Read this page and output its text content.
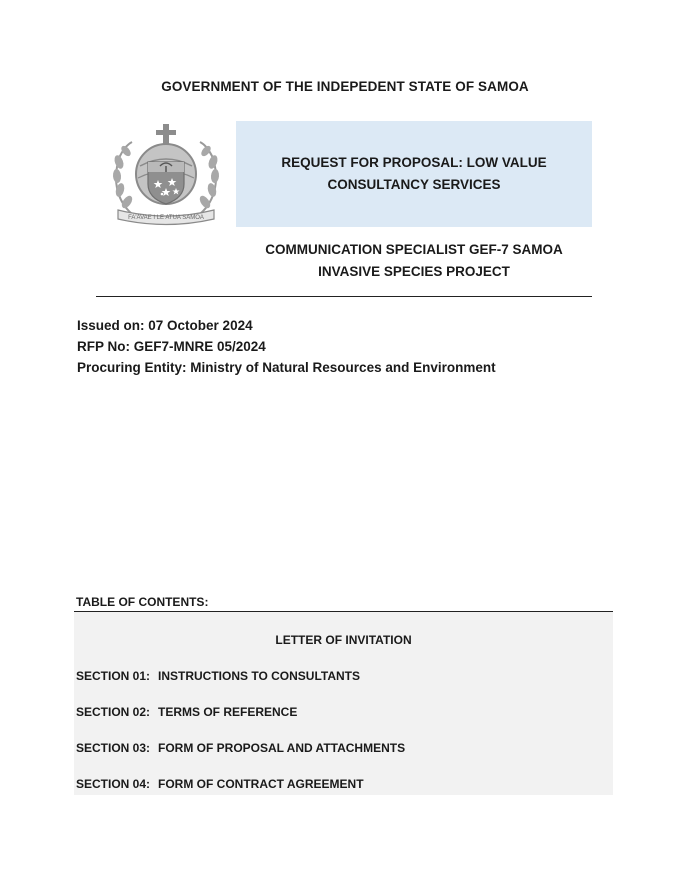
GOVERNMENT OF THE INDEPEDENT STATE OF SAMOA
FA'AVAE I LE ATUA SAMOA
REQUEST FOR PROPOSAL: LOW VALUE
CONSULTANCY SERVICES
COMMUNICATION SPECIALIST GEF-7 SAMOA
INVASIVE SPECIES PROJECT
Issued on: 07 October 2024
RFP No: GEF7-MNRE 05/2024
Procuring Entity: Ministry of Natural Resources and Environment
TABLE OF CONTENTS:
LETTER OF INVITATION
SECTION 01: INSTRUCTIONS TO CONSULTANTS
SECTION 02: TERMS OF REFERENCE
SECTION 03: FORM OF PROPOSAL AND ATTACHMENTS
SECTION 04: FORM OF CONTRACT AGREEMENT
